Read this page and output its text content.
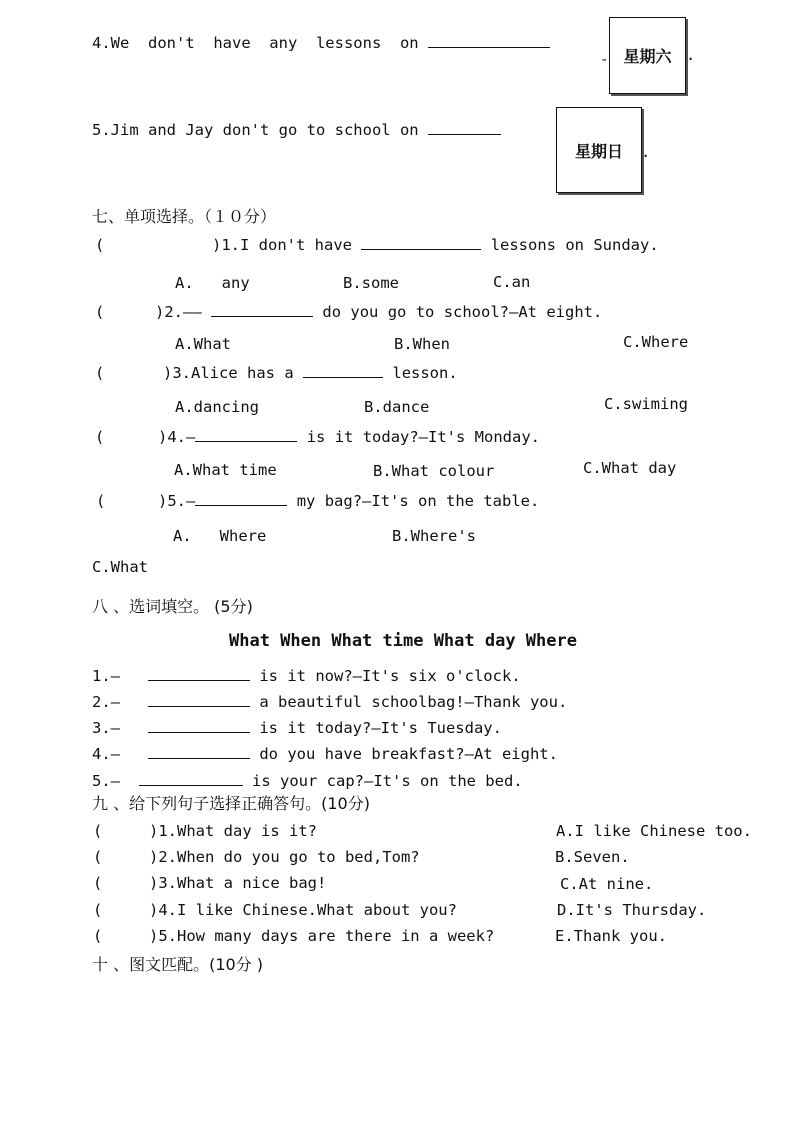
4.We  don't  have  any  lessons  on
- 星期六 .
5.Jim and Jay don't go to school on
星期日 .
七、单项选择。（１０分）
(	)1.I don't have	lessons on Sunday.
A.   any	B.some	C.an
(	)2.——	do you go to school?—At eight.
A.What	B.When	C.Where
(	)3.Alice has a	lesson.
A.dancing	B.dance	C.swiming
(	)4.—	is it today?—It's Monday.
A.What time	B.What colour	C.What day
(	)5.—	my bag?—It's on the table.
A.   Where	B.Where's
C.What
八 、选词填空。 (5分)
What When What time What day Where
1.—	is it now?—It's six o'clock.
2.—	a beautiful schoolbag!—Thank you.
3.—	is it today?—It's Tuesday.
4.—	do you have breakfast?—At eight.
5.—	is your cap?—It's on the bed.
九 、给下列句子选择正确答句。(10分)
(	)1.What day is it?	A.I like Chinese too.
(	)2.When do you go to bed,Tom?	B.Seven.
(	)3.What a nice bag!	C.At nine.
(	)4.I like Chinese.What about you?	D.It's Thursday.
(	)5.How many days are there in a week?	E.Thank you.
十 、图文匹配。(10分 )
